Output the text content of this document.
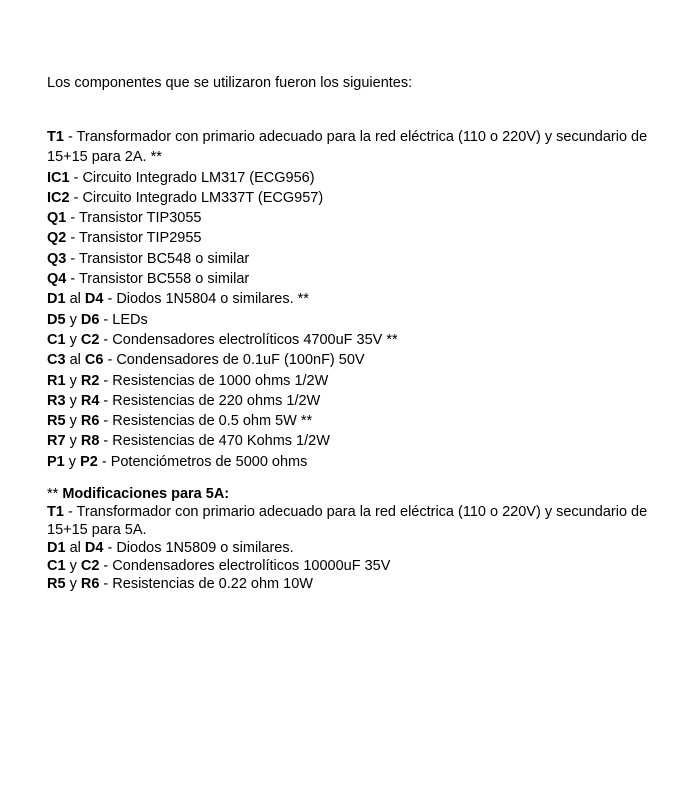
Los componentes que se utilizaron fueron los siguientes:

T1 - Transformador con primario adecuado para la red eléctrica (110 o 220V) y secundario de 15+15 para 2A. **
IC1 - Circuito Integrado LM317 (ECG956)
IC2 - Circuito Integrado LM337T (ECG957)
Q1 - Transistor TIP3055
Q2 - Transistor TIP2955
Q3 - Transistor BC548 o similar
Q4 - Transistor BC558 o similar
D1 al D4 - Diodos 1N5804 o similares. **
D5 y D6 - LEDs
C1 y C2 - Condensadores electrolíticos 4700uF 35V **
C3 al C6 - Condensadores de 0.1uF (100nF) 50V
R1 y R2 - Resistencias de 1000 ohms 1/2W
R3 y R4 - Resistencias de 220 ohms 1/2W
R5 y R6 - Resistencias de 0.5 ohm 5W **
R7 y R8 - Resistencias de 470 Kohms 1/2W
P1 y P2 - Potenciómetros de 5000 ohms

** Modificaciones para 5A:

T1 - Transformador con primario adecuado para la red eléctrica (110 o 220V) y secundario de 15+15 para 5A.
D1 al D4 - Diodos 1N5809 o similares.
C1 y C2 - Condensadores electrolíticos 10000uF 35V
R5 y R6 - Resistencias de 0.22 ohm 10W
